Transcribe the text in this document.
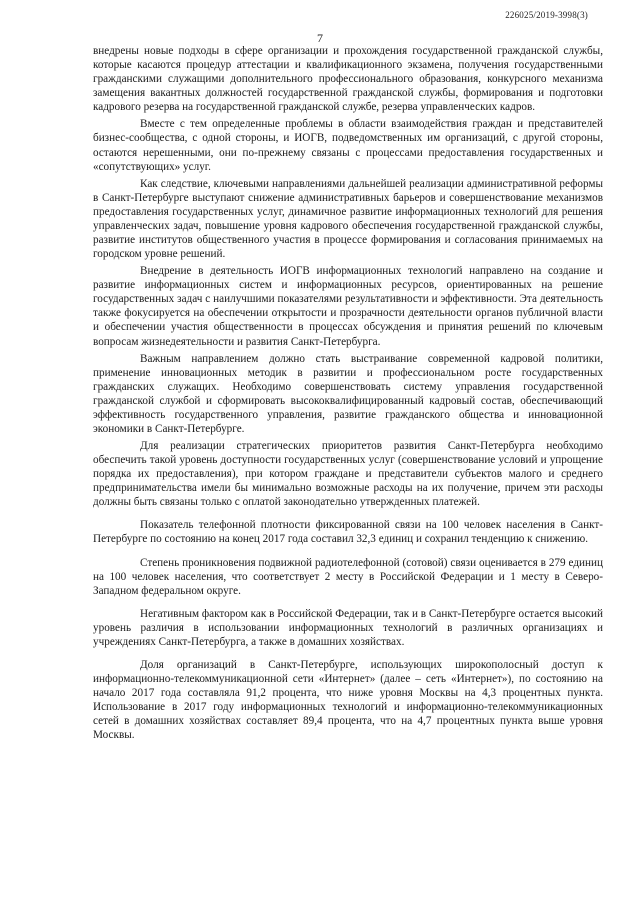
226025/2019-3998(3)
7

внедрены новые подходы в сфере организации и прохождения государственной гражданской службы, которые касаются процедур аттестации и квалификационного экзамена, получения государственными гражданскими служащими дополнительного профессионального образования, конкурсного механизма замещения вакантных должностей государственной гражданской службы, формирования и подготовки кадрового резерва на государственной гражданской службе, резерва управленческих кадров.

Вместе с тем определенные проблемы в области взаимодействия граждан и представителей бизнес-сообщества, с одной стороны, и ИОГВ, подведомственных им организаций, с другой стороны, остаются нерешенными, они по-прежнему связаны с процессами предоставления государственных и «сопутствующих» услуг.

Как следствие, ключевыми направлениями дальнейшей реализации административной реформы в Санкт-Петербурге выступают снижение административных барьеров и совершенствование механизмов предоставления государственных услуг, динамичное развитие информационных технологий для решения управленческих задач, повышение уровня кадрового обеспечения государственной гражданской службы, развитие институтов общественного участия в процессе формирования и согласования принимаемых на городском уровне решений.

Внедрение в деятельность ИОГВ информационных технологий направлено на создание и развитие информационных систем и информационных ресурсов, ориентированных на решение государственных задач с наилучшими показателями результативности и эффективности. Эта деятельность также фокусируется на обеспечении открытости и прозрачности деятельности органов публичной власти и обеспечении участия общественности в процессах обсуждения и принятия решений по ключевым вопросам жизнедеятельности и развития Санкт-Петербурга.

Важным направлением должно стать выстраивание современной кадровой политики, применение инновационных методик в развитии и профессиональном росте государственных гражданских служащих. Необходимо совершенствовать систему управления государственной гражданской службой и сформировать высококвалифицированный кадровый состав, обеспечивающий эффективность государственного управления, развитие гражданского общества и инновационной экономики в Санкт-Петербурге.

Для реализации стратегических приоритетов развития Санкт-Петербурга необходимо обеспечить такой уровень доступности государственных услуг (совершенствование условий и упрощение порядка их предоставления), при котором граждане и представители субъектов малого и среднего предпринимательства имели бы минимально возможные расходы на их получение, причем эти расходы должны быть связаны только с оплатой законодательно утвержденных платежей.

Показатель телефонной плотности фиксированной связи на 100 человек населения в Санкт-Петербурге по состоянию на конец 2017 года составил 32,3 единиц и сохранил тенденцию к снижению.

Степень проникновения подвижной радиотелефонной (сотовой) связи оценивается в 279 единиц на 100 человек населения, что соответствует 2 месту в Российской Федерации и 1 месту в Северо-Западном федеральном округе.

Негативным фактором как в Российской Федерации, так и в Санкт-Петербурге остается высокий уровень различия в использовании информационных технологий в различных организациях и учреждениях Санкт-Петербурга, а также в домашних хозяйствах.

Доля организаций в Санкт-Петербурге, использующих широкополосный доступ к информационно-телекоммуникационной сети «Интернет» (далее – сеть «Интернет»), по состоянию на начало 2017 года составляла 91,2 процента, что ниже уровня Москвы на 4,3 процентных пункта. Использование в 2017 году информационных технологий и информационно-телекоммуникационных сетей в домашних хозяйствах составляет 89,4 процента, что на 4,7 процентных пункта выше уровня Москвы.
